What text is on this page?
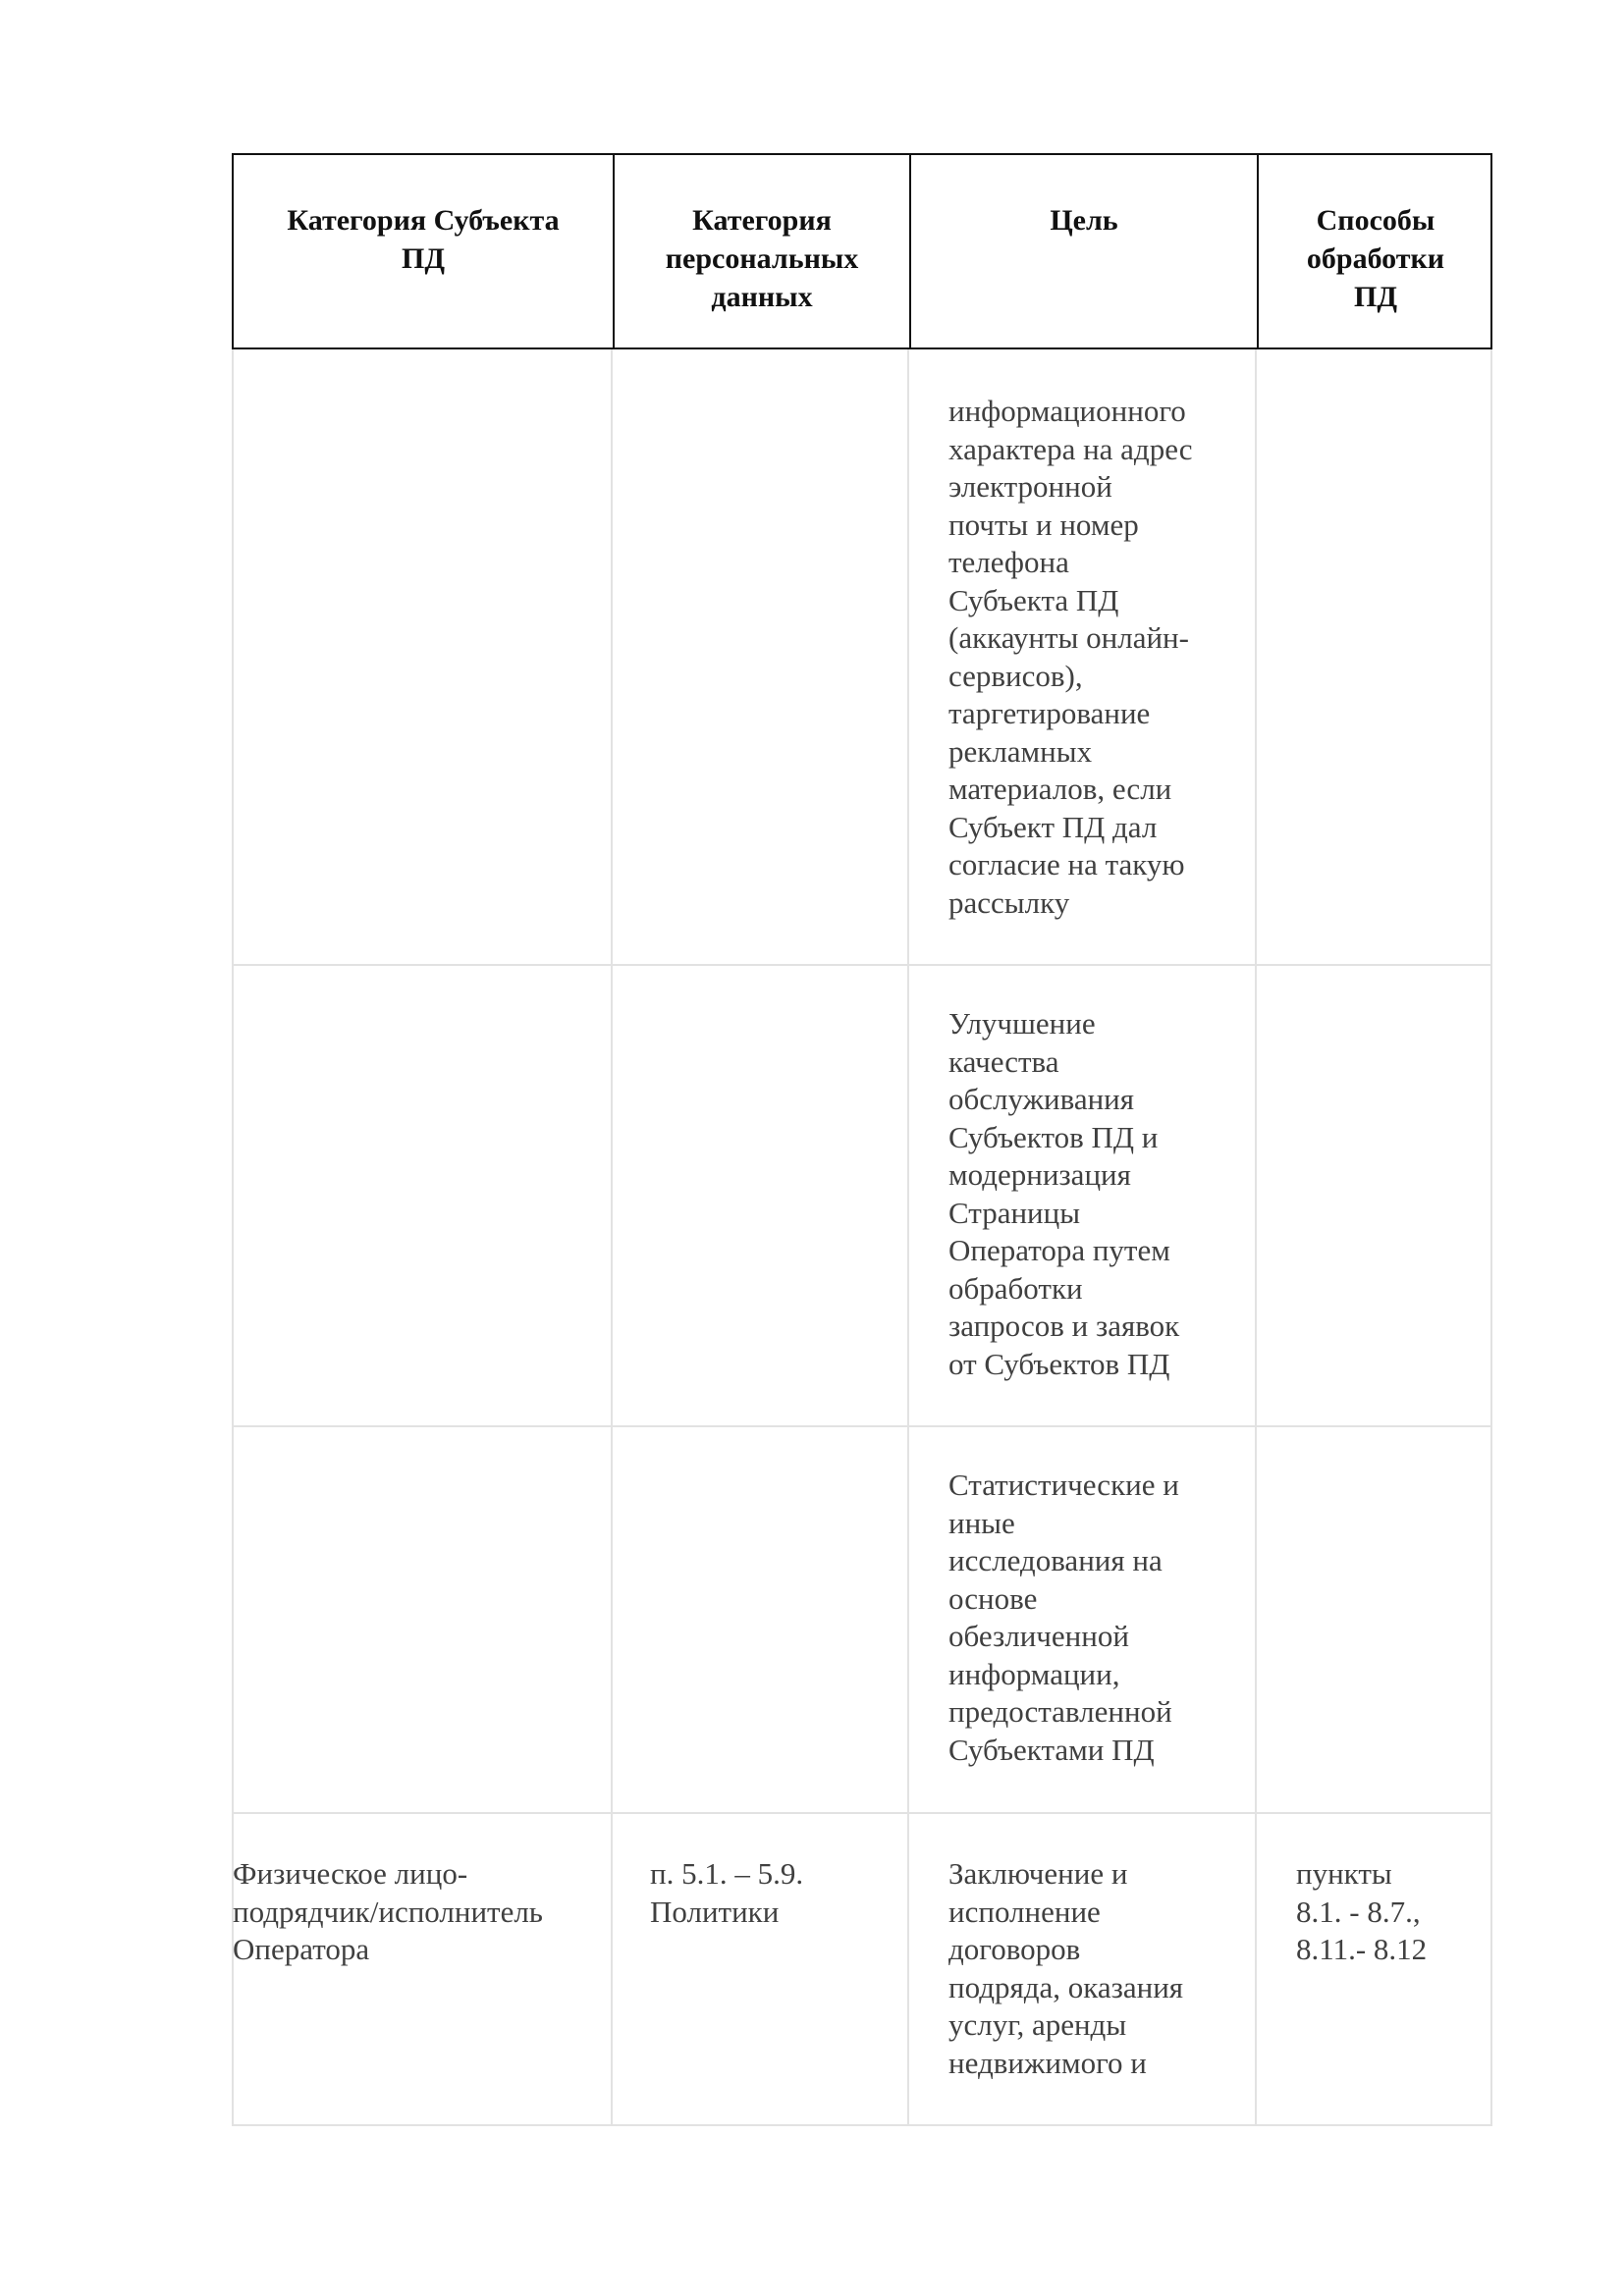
Категория Субъекта
ПД
Категория
персональных
данных
Цель	Способы
обработки
ПД
информационного
характера на адрес
электронной
почты и номер
телефона
Субъекта ПД
(аккаунты онлайн-
сервисов),
таргетирование
рекламных
материалов, если
Субъект ПД дал
согласие на такую
рассылку
Улучшение
качества
обслуживания
Субъектов ПД и
модернизация
Страницы
Оператора путем
обработки
запросов и заявок
от Субъектов ПД
Статистические и
иные
исследования на
основе
обезличенной
информации,
предоставленной
Субъектами ПД
Физическое лицо-
подрядчик/исполнитель
Оператора
п. 5.1. – 5.9.
Политики
Заключение и
исполнение
договоров
подряда, оказания
услуг, аренды
недвижимого и
пункты
8.1. - 8.7.,
8.11.- 8.12
